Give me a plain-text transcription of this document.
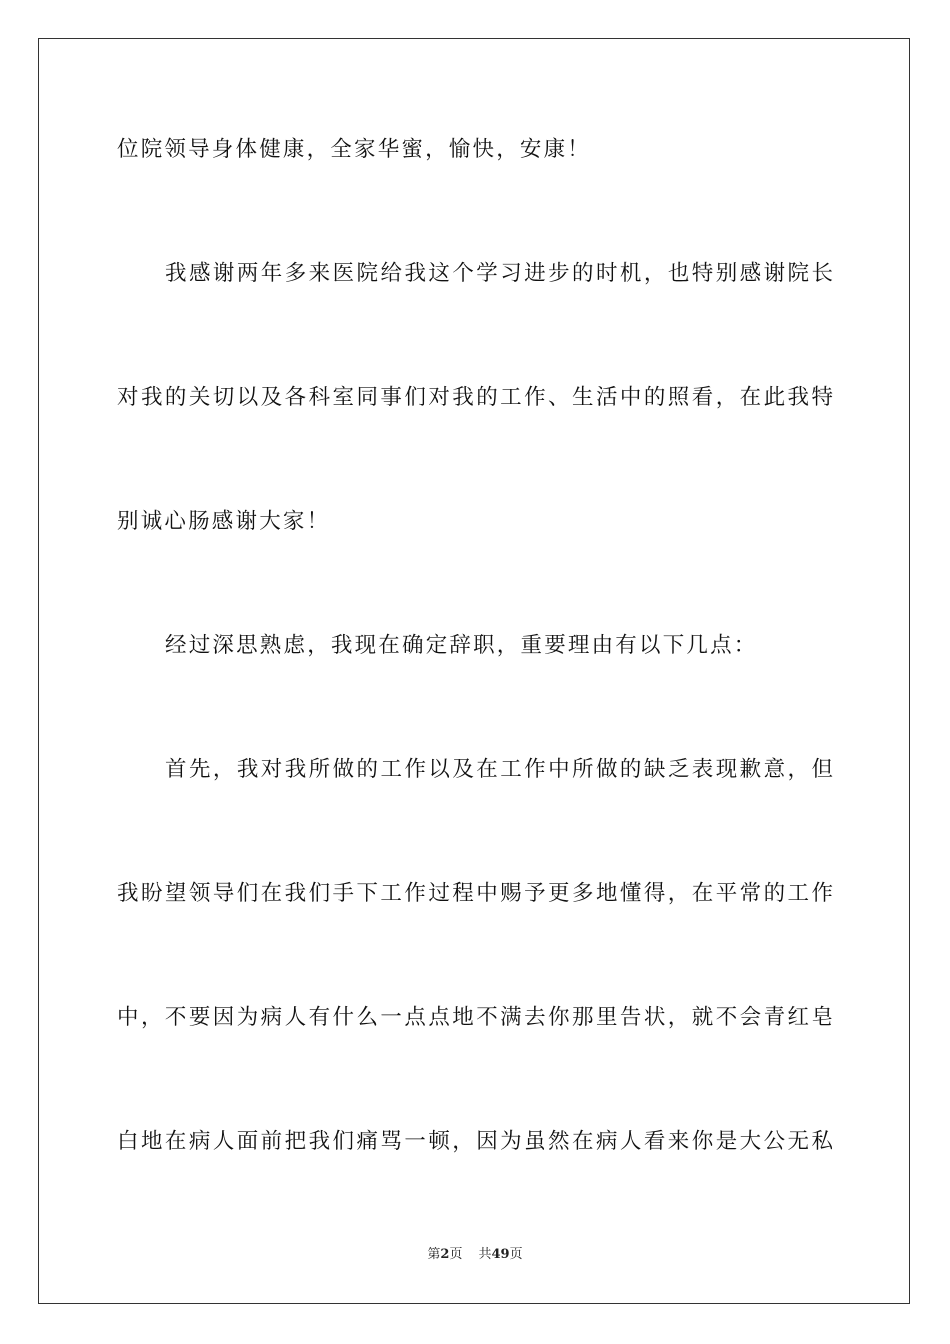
位院领导身体健康，全家华蜜，愉快，安康！
我感谢两年多来医院给我这个学习进步的时机，也特别感谢院长
对我的关切以及各科室同事们对我的工作、生活中的照看，在此我特
别诚心肠感谢大家！
经过深思熟虑，我现在确定辞职，重要理由有以下几点：
首先，我对我所做的工作以及在工作中所做的缺乏表现歉意，但
我盼望领导们在我们手下工作过程中赐予更多地懂得，在平常的工作
中，不要因为病人有什么一点点地不满去你那里告状，就不会青红皂
白地在病人面前把我们痛骂一顿，因为虽然在病人看来你是大公无私
第2页 共49页
